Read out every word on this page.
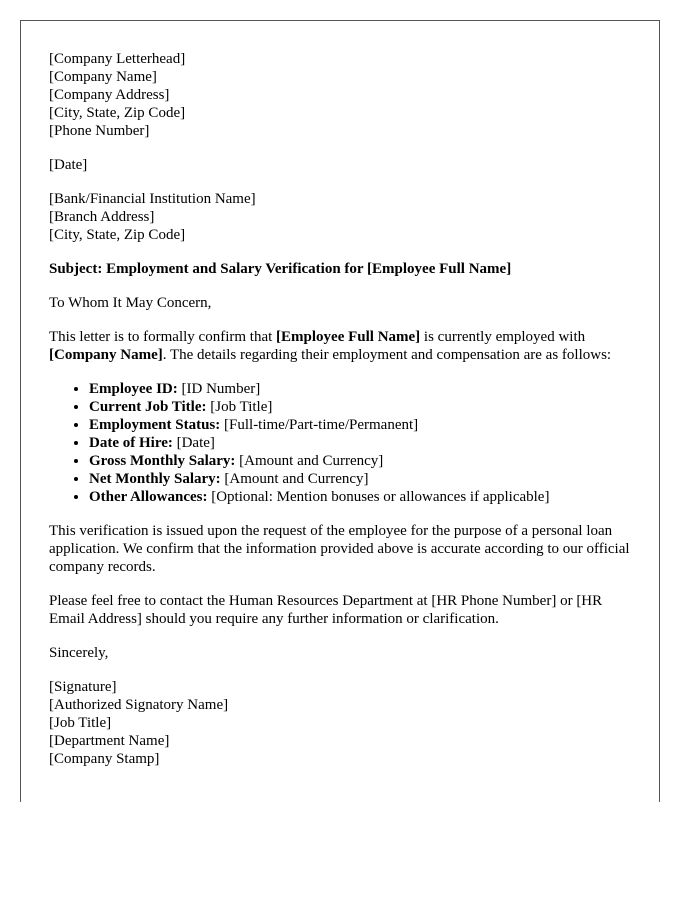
[Company Letterhead]
[Company Name]
[Company Address]
[City, State, Zip Code]
[Phone Number]
[Date]
[Bank/Financial Institution Name]
[Branch Address]
[City, State, Zip Code]

Subject: Employment and Salary Verification for [Employee Full Name]

To Whom It May Concern,

This letter is to formally confirm that [Employee Full Name] is currently employed with [Company Name]. The details regarding their employment and compensation are as follows:

• Employee ID: [ID Number]
• Current Job Title: [Job Title]
• Employment Status: [Full-time/Part-time/Permanent]
• Date of Hire: [Date]
• Gross Monthly Salary: [Amount and Currency]
• Net Monthly Salary: [Amount and Currency]
• Other Allowances: [Optional: Mention bonuses or allowances if applicable]

This verification is issued upon the request of the employee for the purpose of a personal loan application. We confirm that the information provided above is accurate according to our official company records.

Please feel free to contact the Human Resources Department at [HR Phone Number] or [HR Email Address] should you require any further information or clarification.

Sincerely,

[Signature]
[Authorized Signatory Name]
[Job Title]
[Department Name]
[Company Stamp]
